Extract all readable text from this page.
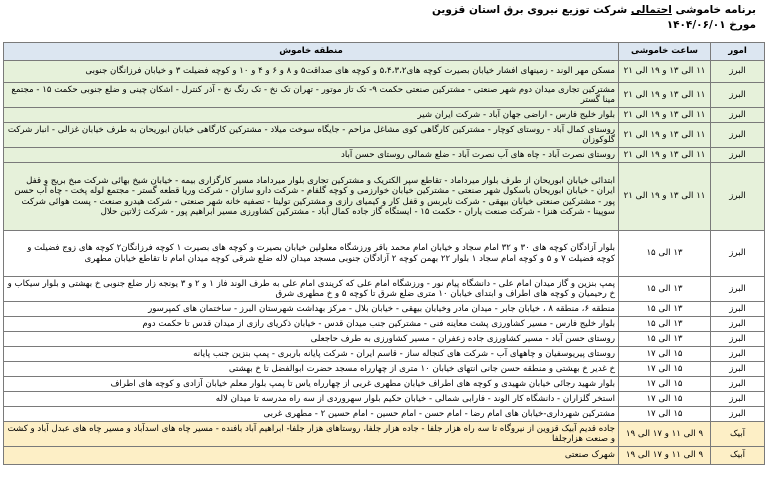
برنامه خاموشی احتمالی شرکت توزیع نیروی برق استان قزوین
مورخ ۱۴۰۴/۰۶/۰۱
امور	ساعت خاموشی	منطقه خاموش
البرز	۱۱ الی ۱۳ و ۱۹ الی ۲۱	مسکن مهر الوند - زمینهای افشار خیابان بصیرت کوچه های۵،۴،۳،۲ و کوچه های صداقت۵ و ۸ و ۶ و ۴ و ۱۰ و کوچه فضیلت ۳ و خیابان فرزانگان جنوبی
البرز	۱۱ الی ۱۳ و ۱۹ الی ۲۱	مشترکین تجاری میدان دوم شهر صنعتی - مشترکین صنعتی حکمت ۹- تک تاز موتور - تهران تک نخ - تک رنگ نخ - آذر کنترل - اشکان چینی و ضلع جنوبی حکمت ۱۵ - مجتمع مینا گستر
البرز	۱۱ الی ۱۳ و ۱۹ الی ۲۱	بلوار خلیج فارس - اراضی جهان آباد - شرکت ایران شیر
البرز	۱۱ الی ۱۳ و ۱۹ الی ۲۱	روستای کمال آباد - روستای کوچار - مشترکین کارگاهی کوی مشاغل مزاحم - جایگاه سوخت میلاد - مشترکین کارگاهی خیابان ابوریحان به طرف خیابان غزالی - انبار شرکت گلوکوزان
البرز	۱۱ الی ۱۳ و ۱۹ الی ۲۱	روستای نصرت آباد - چاه های آب نصرت آباد - ضلع شمالی روستای حسن آباد
البرز	۱۱ الی ۱۳ و ۱۹ الی ۲۱	ابتدائی خیابان ابوریحان از طرف بلوار میرداماد - تقاطع سپر الکتریک و مشترکین تجاری بلوار میرداماد مسیر کارگزاری بیمه - خیابان شیخ بهائی شرکت مبخ بریج و قفل ایران - خیابان ابوریحان باسکول شهر صنعتی - مشترکین خیابان خوارزمی و کوچه گلفام - شرکت دارو سازان - شرکت وریا قطعه گستر - مجتمع لوله پخت - چاه آب حسن پور - مشترکین صنعتی خیابان بیهقی - شرکت نایربس و قفل کار و کیمیای رازی و مشترکین تولیتا - تصفیه خانه شهر صنعتی - شرکت هیدرو صنعت - پست هوائی شرکت سوپینا - شرکت هنزا - شرکت صنعت یاران - حکمت ۱۵ - ایستگاه گاز جاده کمال آباد - مشترکین کشاورزی مسیر ابراهیم پور - شرکت ژلاتین حلال
البرز	۱۳ الی ۱۵	بلوار آزادگان کوچه های ۳۰ و ۳۲ امام سجاد و خیابان امام محمد باقر ورزشگاه معلولین خیابان بصیرت و کوچه های بصیرت ۱ کوچه فرزانگان۲ کوچه های زوج فضیلت و کوچه فضیلت ۷ و ۵ و کوچه امام سجاد ۱ بلوار ۲۲ بهمن کوچه ۲ آزادگان جنوبی مسجد میدان لاله ضلع شرقی کوچه میدان امام تا تقاطع خیابان مطهری
البرز	۱۳ الی ۱۵	پمپ بنزین و گاز میدان امام علی - دانشگاه پیام نور - ورزشگاه امام علی که کریندی امام علی به طرف الوند فاز ۱ و ۲ و ۳ یونجه زار ضلع جنوبی خ بهشتی و بلوار سیکاب و خ رحیمیان و کوچه های اطراف و ابتدای خیابان ۱۰ متری ضلع شرق تا کوچه ۵ و خ مطهری شرق
البرز	۱۳ الی ۱۵	منطقه ۶، منطقه ۸ ، خیابان جابر - میدان مادر وخیابان بیهقی - خیابان بلال - مرکز بهداشت شهرستان البرز - ساختمان های کمپرسور
البرز	۱۳ الی ۱۵	بلوار خلیج فارس - مسیر کشاورزی پشت معاینه فنی - مشترکین جنب میدان قدس - خیابان ذکریای رازی از میدان قدس تا حکمت دوم
البرز	۱۳ الی ۱۵	روستای حسن آباد - مسیر کشاورزی جاده زعفران - مسیر کشاورزی به طرف حاجعلی
البرز	۱۵ الی ۱۷	روستای پیریوسفیان و چاههای آب - شرکت های کنجاله ساز - قاسم ایران - شرکت پایانه باربری - پمپ بنزین جنب پایانه
البرز	۱۵ الی ۱۷	خ غدیر خ بهشتی و منطقه حسن جانی انتهای خیابان ۱۰ متری از چهارراه مسجد حضرت ابوالفضل تا خ بهشتی
البرز	۱۵ الی ۱۷	بلوار شهید رجائی خیابان شهیدی و کوچه های اطراف خیابان مطهری غربی از چهارراه یاس تا پمپ بلوار معلم خیابان آزادی و کوچه های اطراف
البرز	۱۵ الی ۱۷	استخر گلزاران - دانشگاه کار الوند - فارابی شمالی - خیابان حکیم بلوار سهروردی از سه راه مدرسه تا میدان لاله
البرز	۱۵ الی ۱۷	مشترکین شهرداری-خیابان های امام رضا - امام حسن - امام حسین - امام حسین ۲ - مطهری غربی
آبیک	۹ الی ۱۱ و ۱۷ الی ۱۹	جاده قدیم آبیک قزوین از نیروگاه تا سه راه هزار جلفا - جاده هزار جلفا، روستاهای هزار جلفا- ابراهیم آباد بافنده - مسیر چاه های اسدآباد و مسیر چاه های عبدل آباد و کشت و صنعت هزارجلفا
آبیک	۹ الی ۱۱ و ۱۷ الی ۱۹	شهرک صنعتی
